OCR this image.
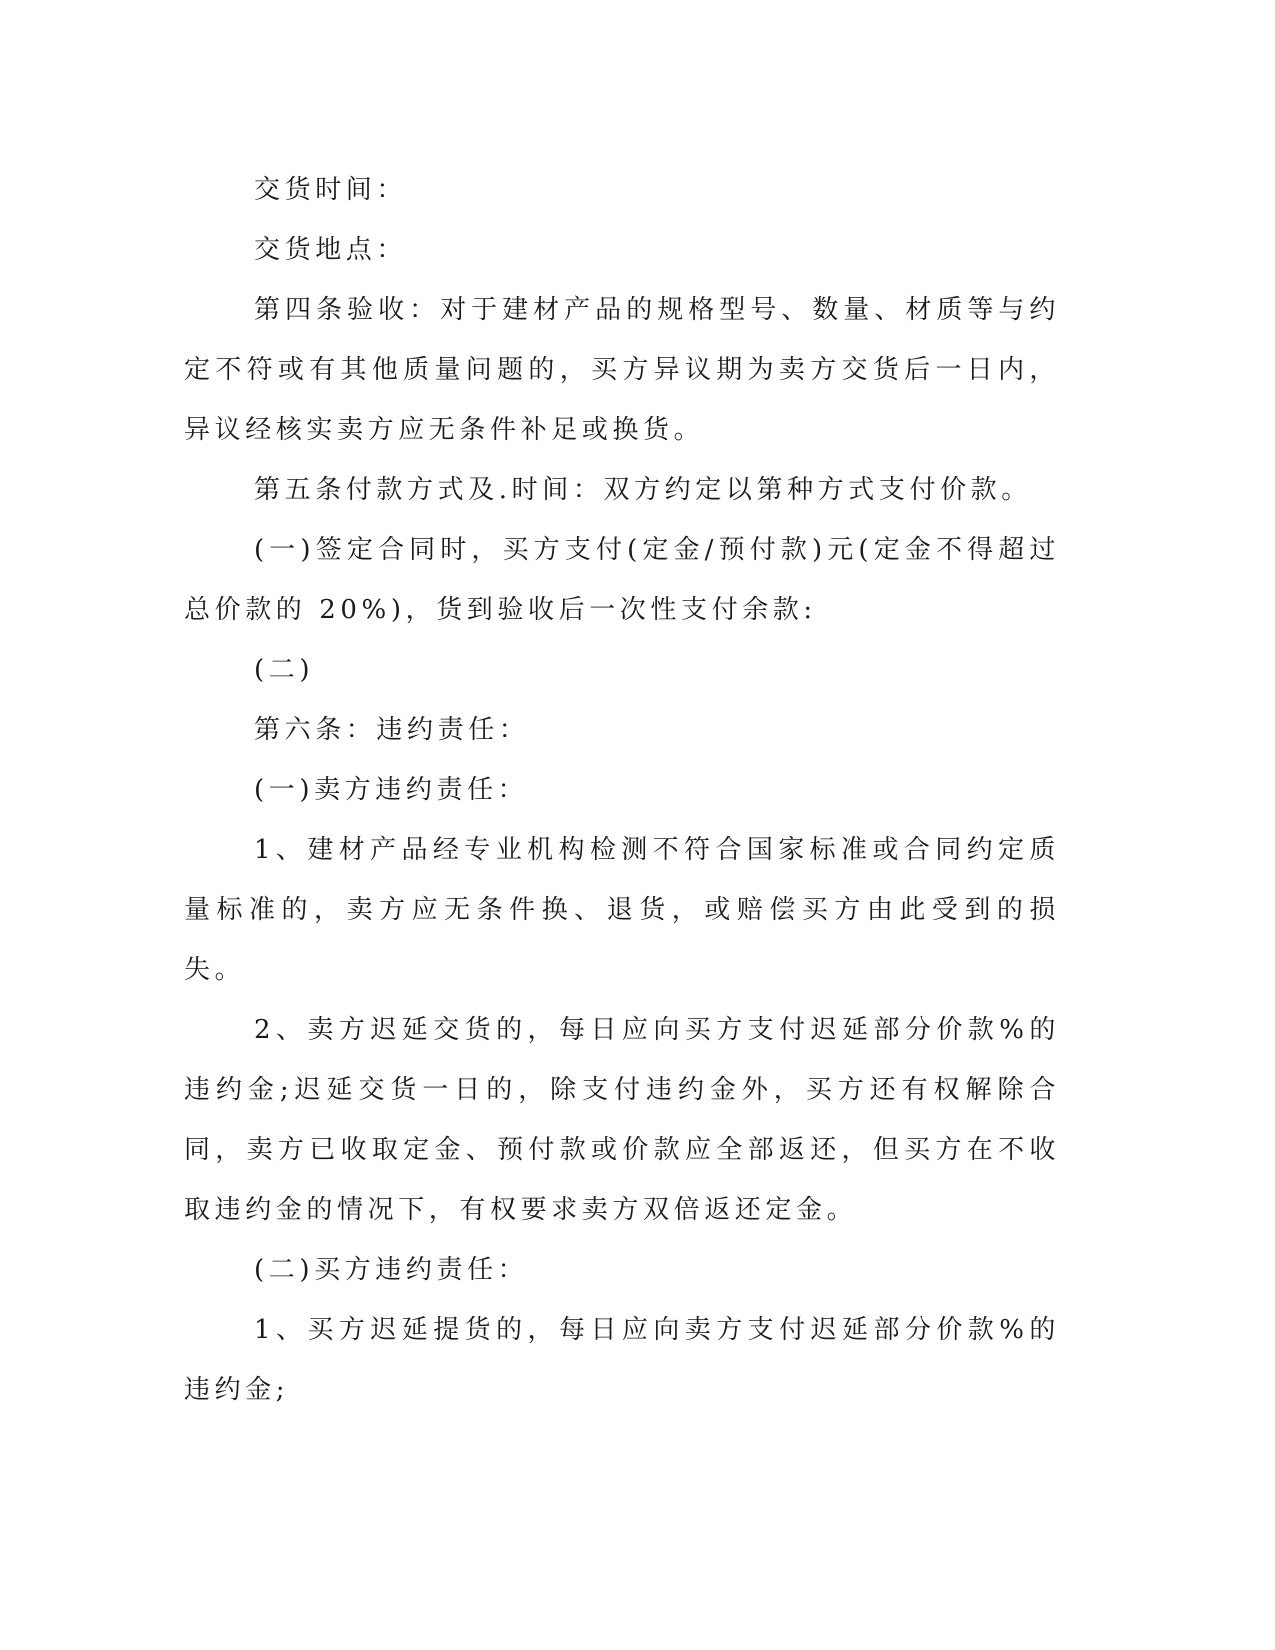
交货时间：

交货地点：

第四条验收：对于建材产品的规格型号、数量、材质等与约定不符或有其他质量问题的，买方异议期为卖方交货后一日内，异议经核实卖方应无条件补足或换货。

第五条付款方式及.时间：双方约定以第种方式支付价款。

(一)签定合同时，买方支付(定金/预付款)元(定金不得超过总价款的 20%)，货到验收后一次性支付余款:

(二)

第六条：违约责任：

(一)卖方违约责任：

1、建材产品经专业机构检测不符合国家标准或合同约定质量标准的，卖方应无条件换、退货，或赔偿买方由此受到的损失。

2、卖方迟延交货的，每日应向买方支付迟延部分价款%的违约金;迟延交货一日的，除支付违约金外，买方还有权解除合同，卖方已收取定金、预付款或价款应全部返还，但买方在不收取违约金的情况下，有权要求卖方双倍返还定金。

(二)买方违约责任：

1、买方迟延提货的，每日应向卖方支付迟延部分价款%的违约金;
